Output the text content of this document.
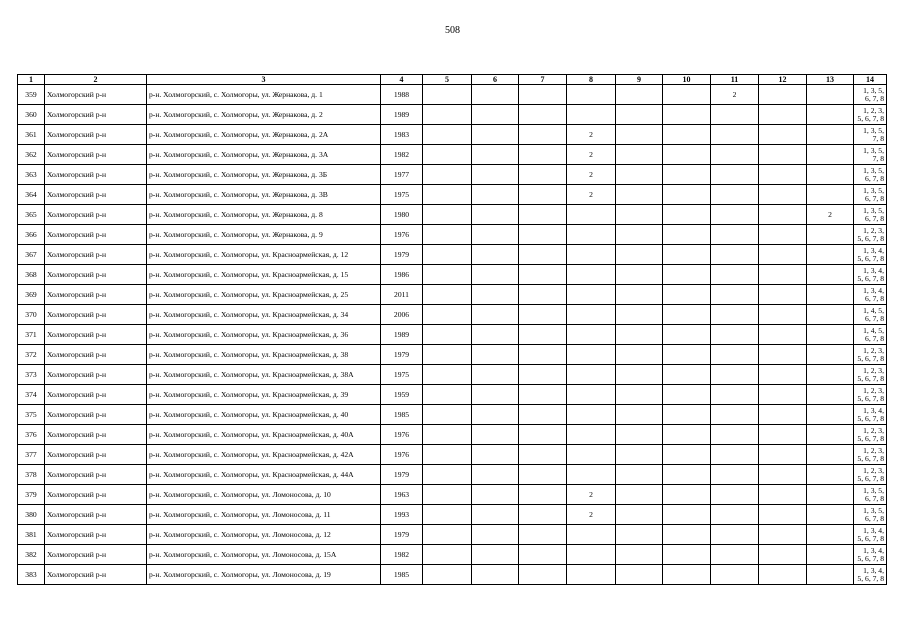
508
1	2	3	4	5	6	7	8	9	10	11	12	13	14
359	Холмогорский р-н	р-н. Холмогорский, с. Холмогоры, ул. Жернакова, д. 1	1988							2			1, 3, 5, 6, 7, 8
360	Холмогорский р-н	р-н. Холмогорский, с. Холмогоры, ул. Жернакова, д. 2	1989										1, 2, 3, 5, 6, 7, 8
361	Холмогорский р-н	р-н. Холмогорский, с. Холмогоры, ул. Жернакова, д. 2А	1983				2						1, 3, 5, 7, 8
362	Холмогорский р-н	р-н. Холмогорский, с. Холмогоры, ул. Жернакова, д. 3А	1982				2						1, 3, 5, 7, 8
363	Холмогорский р-н	р-н. Холмогорский, с. Холмогоры, ул. Жернакова, д. 3Б	1977				2						1, 3, 5, 6, 7, 8
364	Холмогорский р-н	р-н. Холмогорский, с. Холмогоры, ул. Жернакова, д. 3В	1975				2						1, 3, 5, 6, 7, 8
365	Холмогорский р-н	р-н. Холмогорский, с. Холмогоры, ул. Жернакова, д. 8	1980									2	1, 3, 5, 6, 7, 8
366	Холмогорский р-н	р-н. Холмогорский, с. Холмогоры, ул. Жернакова, д. 9	1976										1, 2, 3, 5, 6, 7, 8
367	Холмогорский р-н	р-н. Холмогорский, с. Холмогоры, ул. Красноармейская, д. 12	1979										1, 3, 4, 5, 6, 7, 8
368	Холмогорский р-н	р-н. Холмогорский, с. Холмогоры, ул. Красноармейская, д. 15	1986										1, 3, 4, 5, 6, 7, 8
369	Холмогорский р-н	р-н. Холмогорский, с. Холмогоры, ул. Красноармейская, д. 25	2011										1, 3, 4, 6, 7, 8
370	Холмогорский р-н	р-н. Холмогорский, с. Холмогоры, ул. Красноармейская, д. 34	2006										1, 4, 5, 6, 7, 8
371	Холмогорский р-н	р-н. Холмогорский, с. Холмогоры, ул. Красноармейская, д. 36	1989										1, 4, 5, 6, 7, 8
372	Холмогорский р-н	р-н. Холмогорский, с. Холмогоры, ул. Красноармейская, д. 38	1979										1, 2, 3, 5, 6, 7, 8
373	Холмогорский р-н	р-н. Холмогорский, с. Холмогоры, ул. Красноармейская, д. 38А	1975										1, 2, 3, 5, 6, 7, 8
374	Холмогорский р-н	р-н. Холмогорский, с. Холмогоры, ул. Красноармейская, д. 39	1959										1, 2, 3, 5, 6, 7, 8
375	Холмогорский р-н	р-н. Холмогорский, с. Холмогоры, ул. Красноармейская, д. 40	1985										1, 3, 4, 5, 6, 7, 8
376	Холмогорский р-н	р-н. Холмогорский, с. Холмогоры, ул. Красноармейская, д. 40А	1976										1, 2, 3, 5, 6, 7, 8
377	Холмогорский р-н	р-н. Холмогорский, с. Холмогоры, ул. Красноармейская, д. 42А	1976										1, 2, 3, 5, 6, 7, 8
378	Холмогорский р-н	р-н. Холмогорский, с. Холмогоры, ул. Красноармейская, д. 44А	1979										1, 2, 3, 5, 6, 7, 8
379	Холмогорский р-н	р-н. Холмогорский, с. Холмогоры, ул. Ломоносова, д. 10	1963				2						1, 3, 5, 6, 7, 8
380	Холмогорский р-н	р-н. Холмогорский, с. Холмогоры, ул. Ломоносова, д. 11	1993				2						1, 3, 5, 6, 7, 8
381	Холмогорский р-н	р-н. Холмогорский, с. Холмогоры, ул. Ломоносова, д. 12	1979										1, 3, 4, 5, 6, 7, 8
382	Холмогорский р-н	р-н. Холмогорский, с. Холмогоры, ул. Ломоносова, д. 15А	1982										1, 3, 4, 5, 6, 7, 8
383	Холмогорский р-н	р-н. Холмогорский, с. Холмогоры, ул. Ломоносова, д. 19	1985										1, 3, 4, 5, 6, 7, 8
